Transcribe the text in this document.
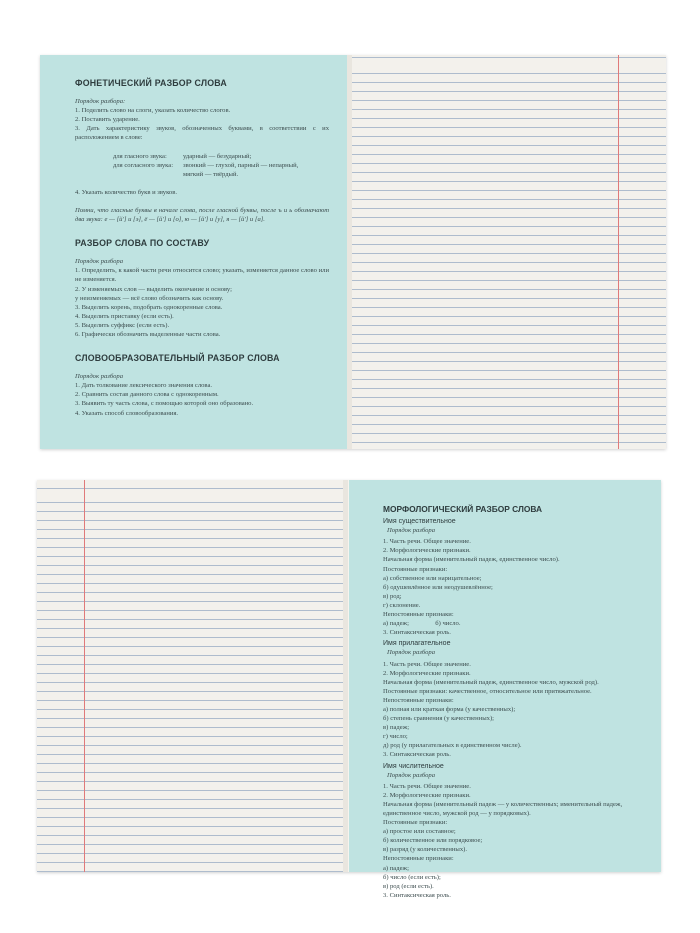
ФОНЕТИЧЕСКИЙ РАЗБОР СЛОВА
Порядок разбора:
1. Поделить слово на слоги, указать количество слогов.
2. Поставить ударение.
3. Дать характеристику звуков, обозначенных буквами, в соответствии с их расположением в слове:
для гласного звука:	ударный — безударный;
для согласного звука:	звонкий — глухой, парный — непарный,
мягкий — твёрдый.
4. Указать количество букв и звуков.
Помни, что гласные буквы в начале слова, после гласной буквы, после ъ и ь обозначают два звука: е — [й'] и [э], ё — [й'] и [о], ю — [й'] и [у], я — [й'] и [а].
РАЗБОР СЛОВА ПО СОСТАВУ
Порядок разбора
1. Определить, к какой части речи относится слово; указать, изменяется данное слово или не изменяется.
2. У изменяемых слов — выделить окончание и основу;
у неизменяемых — всё слово обозначить как основу.
3. Выделить корень, подобрать однокоренные слова.
4. Выделить приставку (если есть).
5. Выделить суффикс (если есть).
6. Графически обозначить выделенные части слова.
СЛОВООБРАЗОВАТЕЛЬНЫЙ РАЗБОР СЛОВА
Порядок разбора
1. Дать толкование лексического значения слова.
2. Сравнить состав данного слова с однокоренным.
3. Выявить ту часть слова, с помощью которой оно образовано.
4. Указать способ словообразования.
МОРФОЛОГИЧЕСКИЙ РАЗБОР СЛОВА
Имя существительное
Порядок разбора
1. Часть речи. Общее значение.
2. Морфологические признаки.
Начальная форма (именительный падеж, единственное число).
Постоянные признаки:
а) собственное или нарицательное;
б) одушевлённое или неодушевлённое;
в) род;
г) склонение.
Непостоянные признаки:
а) падеж;                б) число.
3. Синтаксическая роль.
Имя прилагательное
Порядок разбора
1. Часть речи. Общее значение.
2. Морфологические признаки.
Начальная форма (именительный падеж, единственное число, мужской род).
Постоянные признаки: качественное, относительное или притяжательное.
Непостоянные признаки:
а) полная или краткая форма (у качественных);
б) степень сравнения (у качественных);
в) падеж;
г) число;
д) род (у прилагательных в единственном числе).
3. Синтаксическая роль.
Имя числительное
Порядок разбора
1. Часть речи. Общее значение.
2. Морфологические признаки.
Начальная форма (именительный падеж — у количественных; именительный падеж, единственное число, мужской род — у порядковых).
Постоянные признаки:
а) простое или составное;
б) количественное или порядковое;
в) разряд (у количественных).
Непостоянные признаки:
а) падеж;
б) число (если есть);
в) род (если есть).
3. Синтаксическая роль.
